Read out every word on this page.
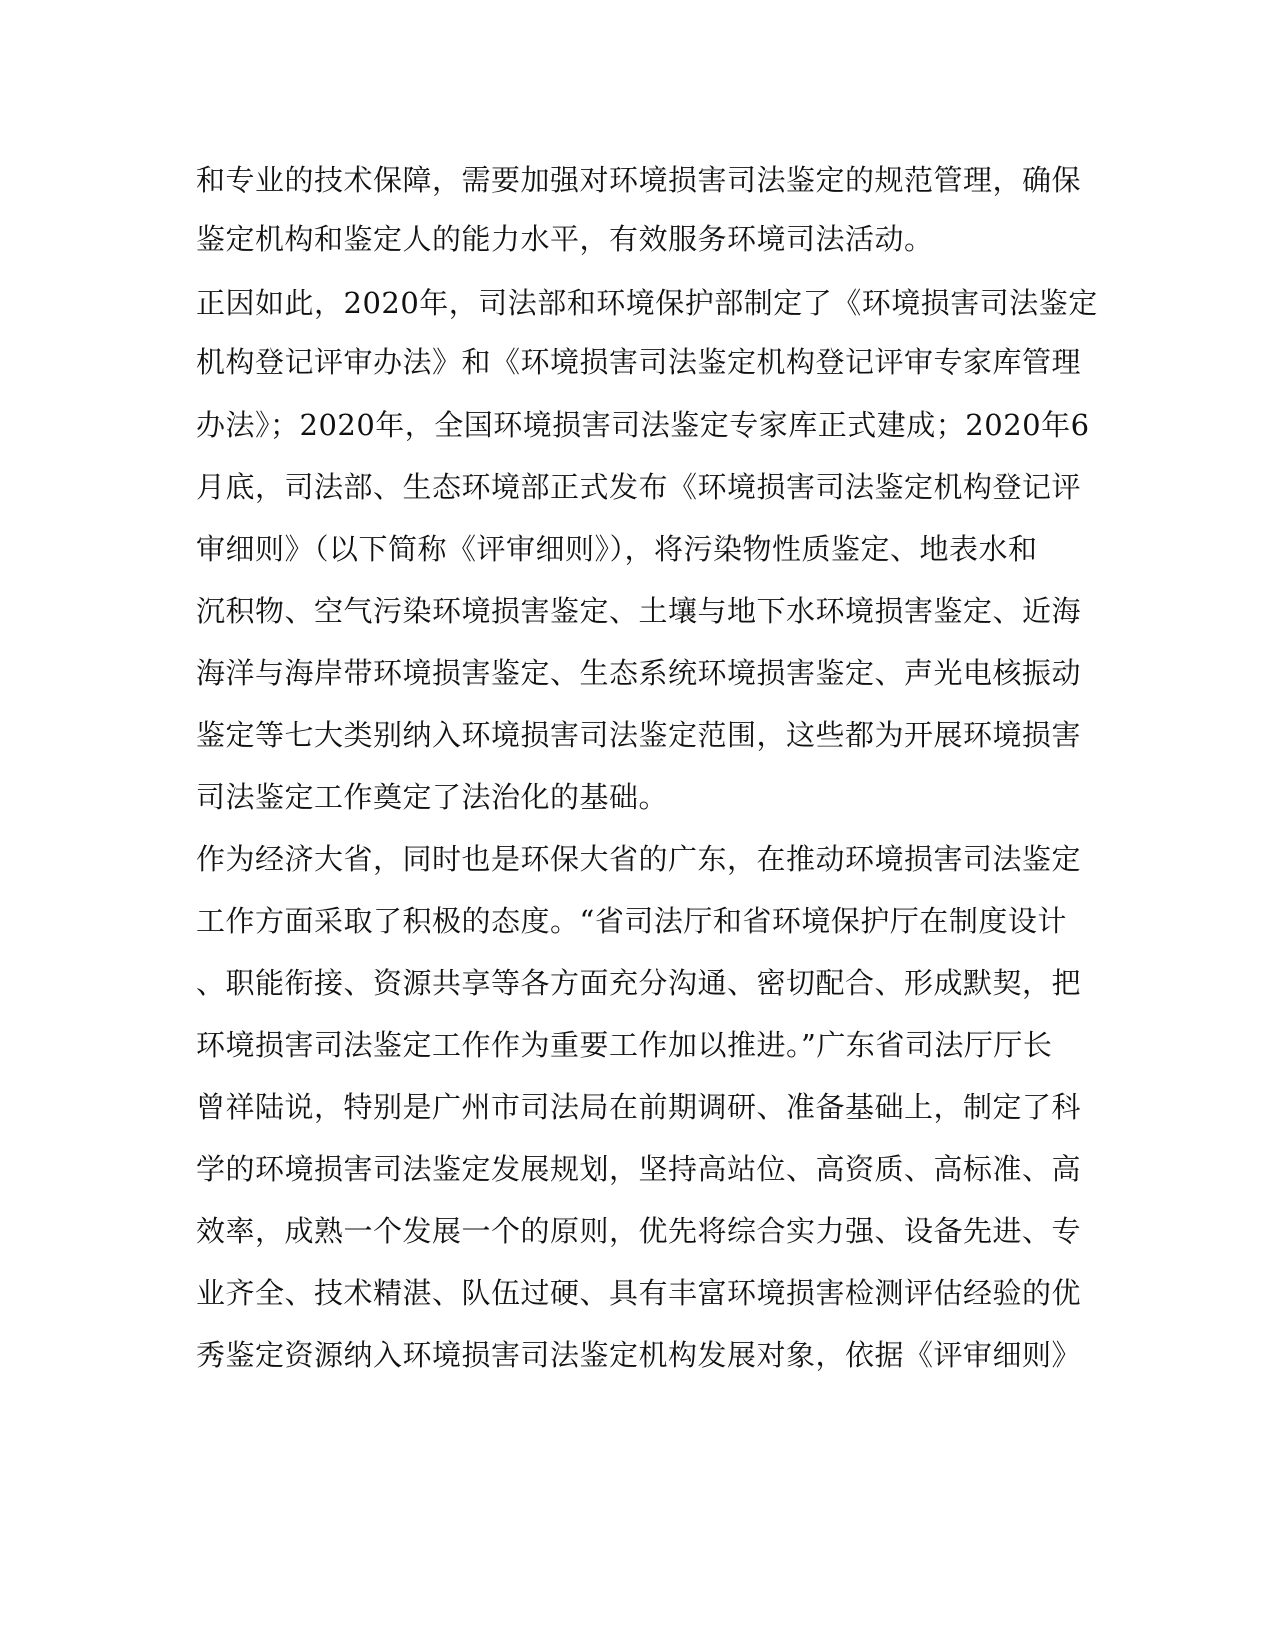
和专业的技术保障，需要加强对环境损害司法鉴定的规范管理，确保
鉴定机构和鉴定人的能力水平，有效服务环境司法活动。
正因如此，2020年，司法部和环境保护部制定了《环境损害司法鉴定
机构登记评审办法》和《环境损害司法鉴定机构登记评审专家库管理
办法》；2020年，全国环境损害司法鉴定专家库正式建成；2020年6
月底，司法部、生态环境部正式发布《环境损害司法鉴定机构登记评
审细则》（以下简称《评审细则》），将污染物性质鉴定、地表水和
沉积物、空气污染环境损害鉴定、土壤与地下水环境损害鉴定、近海
海洋与海岸带环境损害鉴定、生态系统环境损害鉴定、声光电核振动
鉴定等七大类别纳入环境损害司法鉴定范围，这些都为开展环境损害
司法鉴定工作奠定了法治化的基础。
作为经济大省，同时也是环保大省的广东，在推动环境损害司法鉴定
工作方面采取了积极的态度。“省司法厅和省环境保护厅在制度设计
、职能衔接、资源共享等各方面充分沟通、密切配合、形成默契，把
环境损害司法鉴定工作作为重要工作加以推进。”广东省司法厅厅长
曾祥陆说，特别是广州市司法局在前期调研、准备基础上，制定了科
学的环境损害司法鉴定发展规划，坚持高站位、高资质、高标准、高
效率，成熟一个发展一个的原则，优先将综合实力强、设备先进、专
业齐全、技术精湛、队伍过硬、具有丰富环境损害检测评估经验的优
秀鉴定资源纳入环境损害司法鉴定机构发展对象，依据《评审细则》
